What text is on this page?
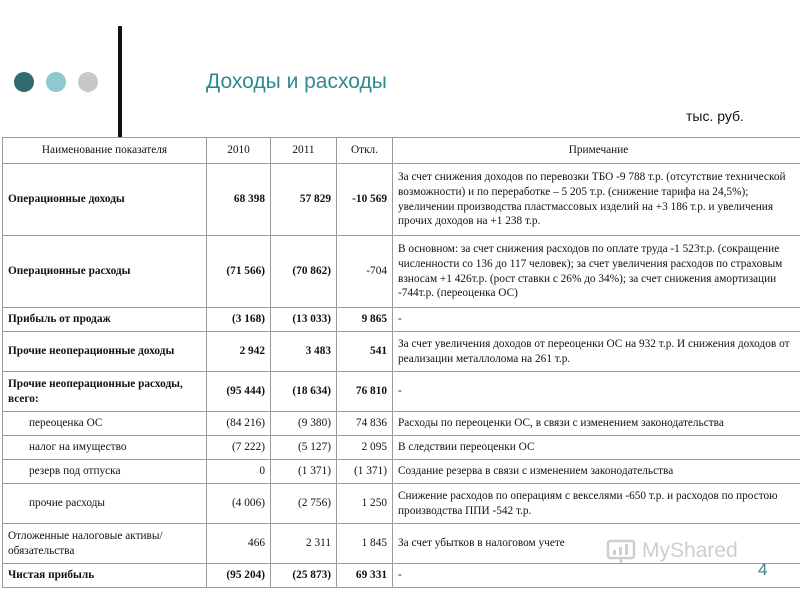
Доходы и расходы
тыс. руб.
Наименование показателя	2010	2011	Откл.	Примечание
Операционные доходы	68 398	57 829	-10 569	За счет снижения доходов по перевозки ТБО -9 788 т.р. (отсутствие технической возможности) и по переработке – 5 205 т.р. (снижение тарифа на 24,5%); увеличении производства пластмассовых изделий на +3 186 т.р. и увеличения прочих доходов на +1 238 т.р.
Операционные расходы	(71 566)	(70 862)	-704	В основном: за счет снижения расходов по оплате труда -1 523т.р. (сокращение численности со 136 до 117 человек); за счет увеличения расходов по страховым взносам +1 426т.р. (рост ставки с 26% до 34%); за счет снижения амортизации -744т.р. (переоценка ОС)
Прибыль от продаж	(3 168)	(13 033)	9 865	-
Прочие неоперационные доходы	2 942	3 483	541	За счет увеличения доходов от переоценки ОС на 932 т.р. И снижения доходов от реализации металлолома на 261 т.р.
Прочие неоперационные расходы, всего:	(95 444)	(18 634)	76 810	-
переоценка ОС	(84 216)	(9 380)	74 836	Расходы по переоценки ОС, в связи с изменением законодательства
налог на имущество	(7 222)	(5 127)	2 095	В следствии переоценки ОС
резерв под отпуска	0	(1 371)	(1 371)	Создание резерва в связи с изменением законодательства
прочие расходы	(4 006)	(2 756)	1 250	Снижение расходов по операциям с векселями -650 т.р. и расходов по простою производства ППИ -542 т.р.
Отложенные налоговые активы/ обязательства	466	2 311	1 845	За счет убытков в налоговом учете
Чистая прибыль	(95 204)	(25 873)	69 331	-
MyShared
4
